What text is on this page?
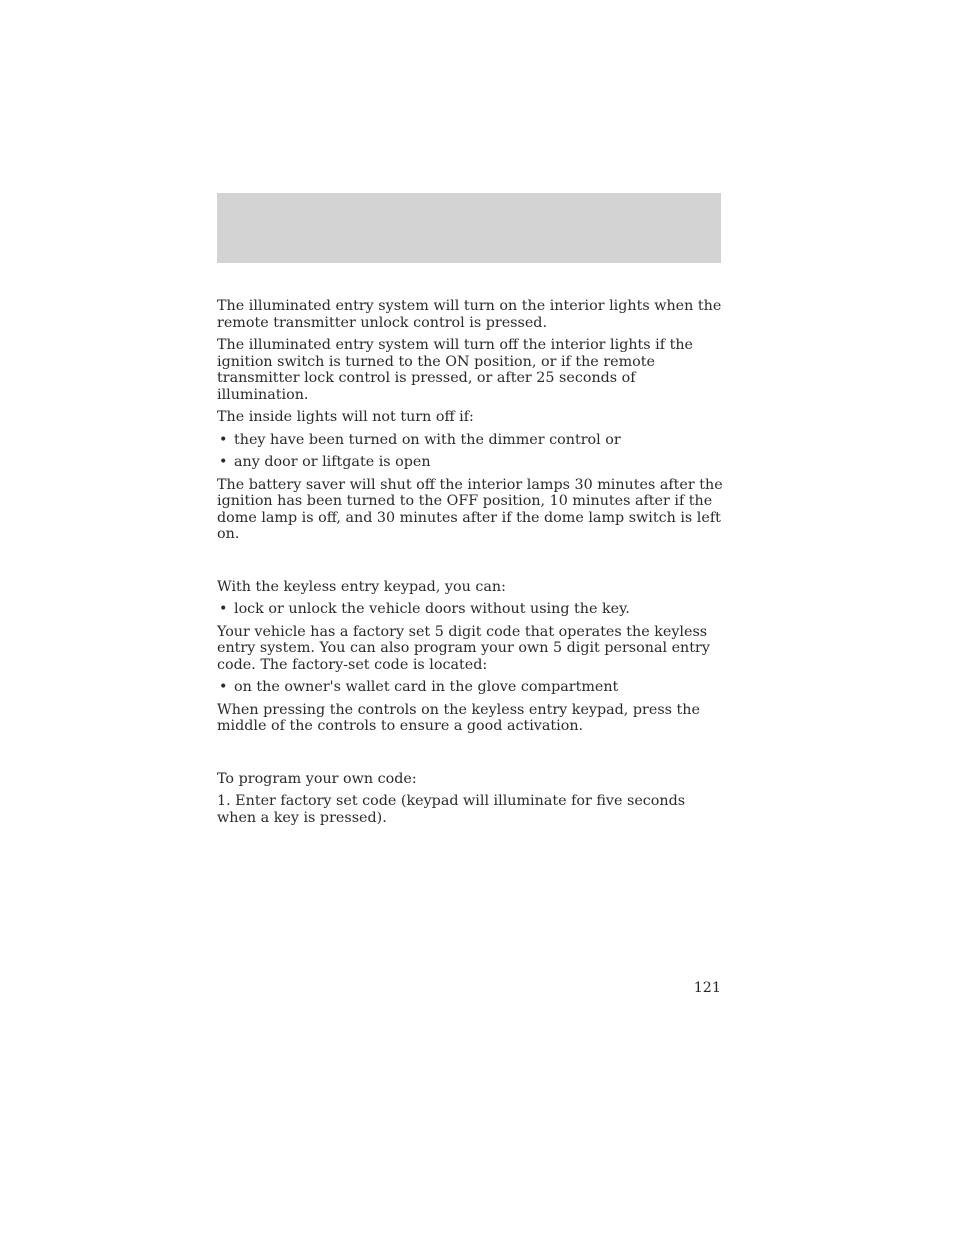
The illuminated entry system will turn on the interior lights when the remote transmitter unlock control is pressed.

The illuminated entry system will turn off the interior lights if the ignition switch is turned to the ON position, or if the remote transmitter lock control is pressed, or after 25 seconds of illumination.

The inside lights will not turn off if:

• they have been turned on with the dimmer control or
• any door or liftgate is open

The battery saver will shut off the interior lamps 30 minutes after the ignition has been turned to the OFF position, 10 minutes after if the dome lamp is off, and 30 minutes after if the dome lamp switch is left on.

With the keyless entry keypad, you can:

• lock or unlock the vehicle doors without using the key.

Your vehicle has a factory set 5 digit code that operates the keyless entry system. You can also program your own 5 digit personal entry code. The factory-set code is located:

• on the owner's wallet card in the glove compartment

When pressing the controls on the keyless entry keypad, press the middle of the controls to ensure a good activation.

To program your own code:

1. Enter factory set code (keypad will illuminate for five seconds when a key is pressed).

121
